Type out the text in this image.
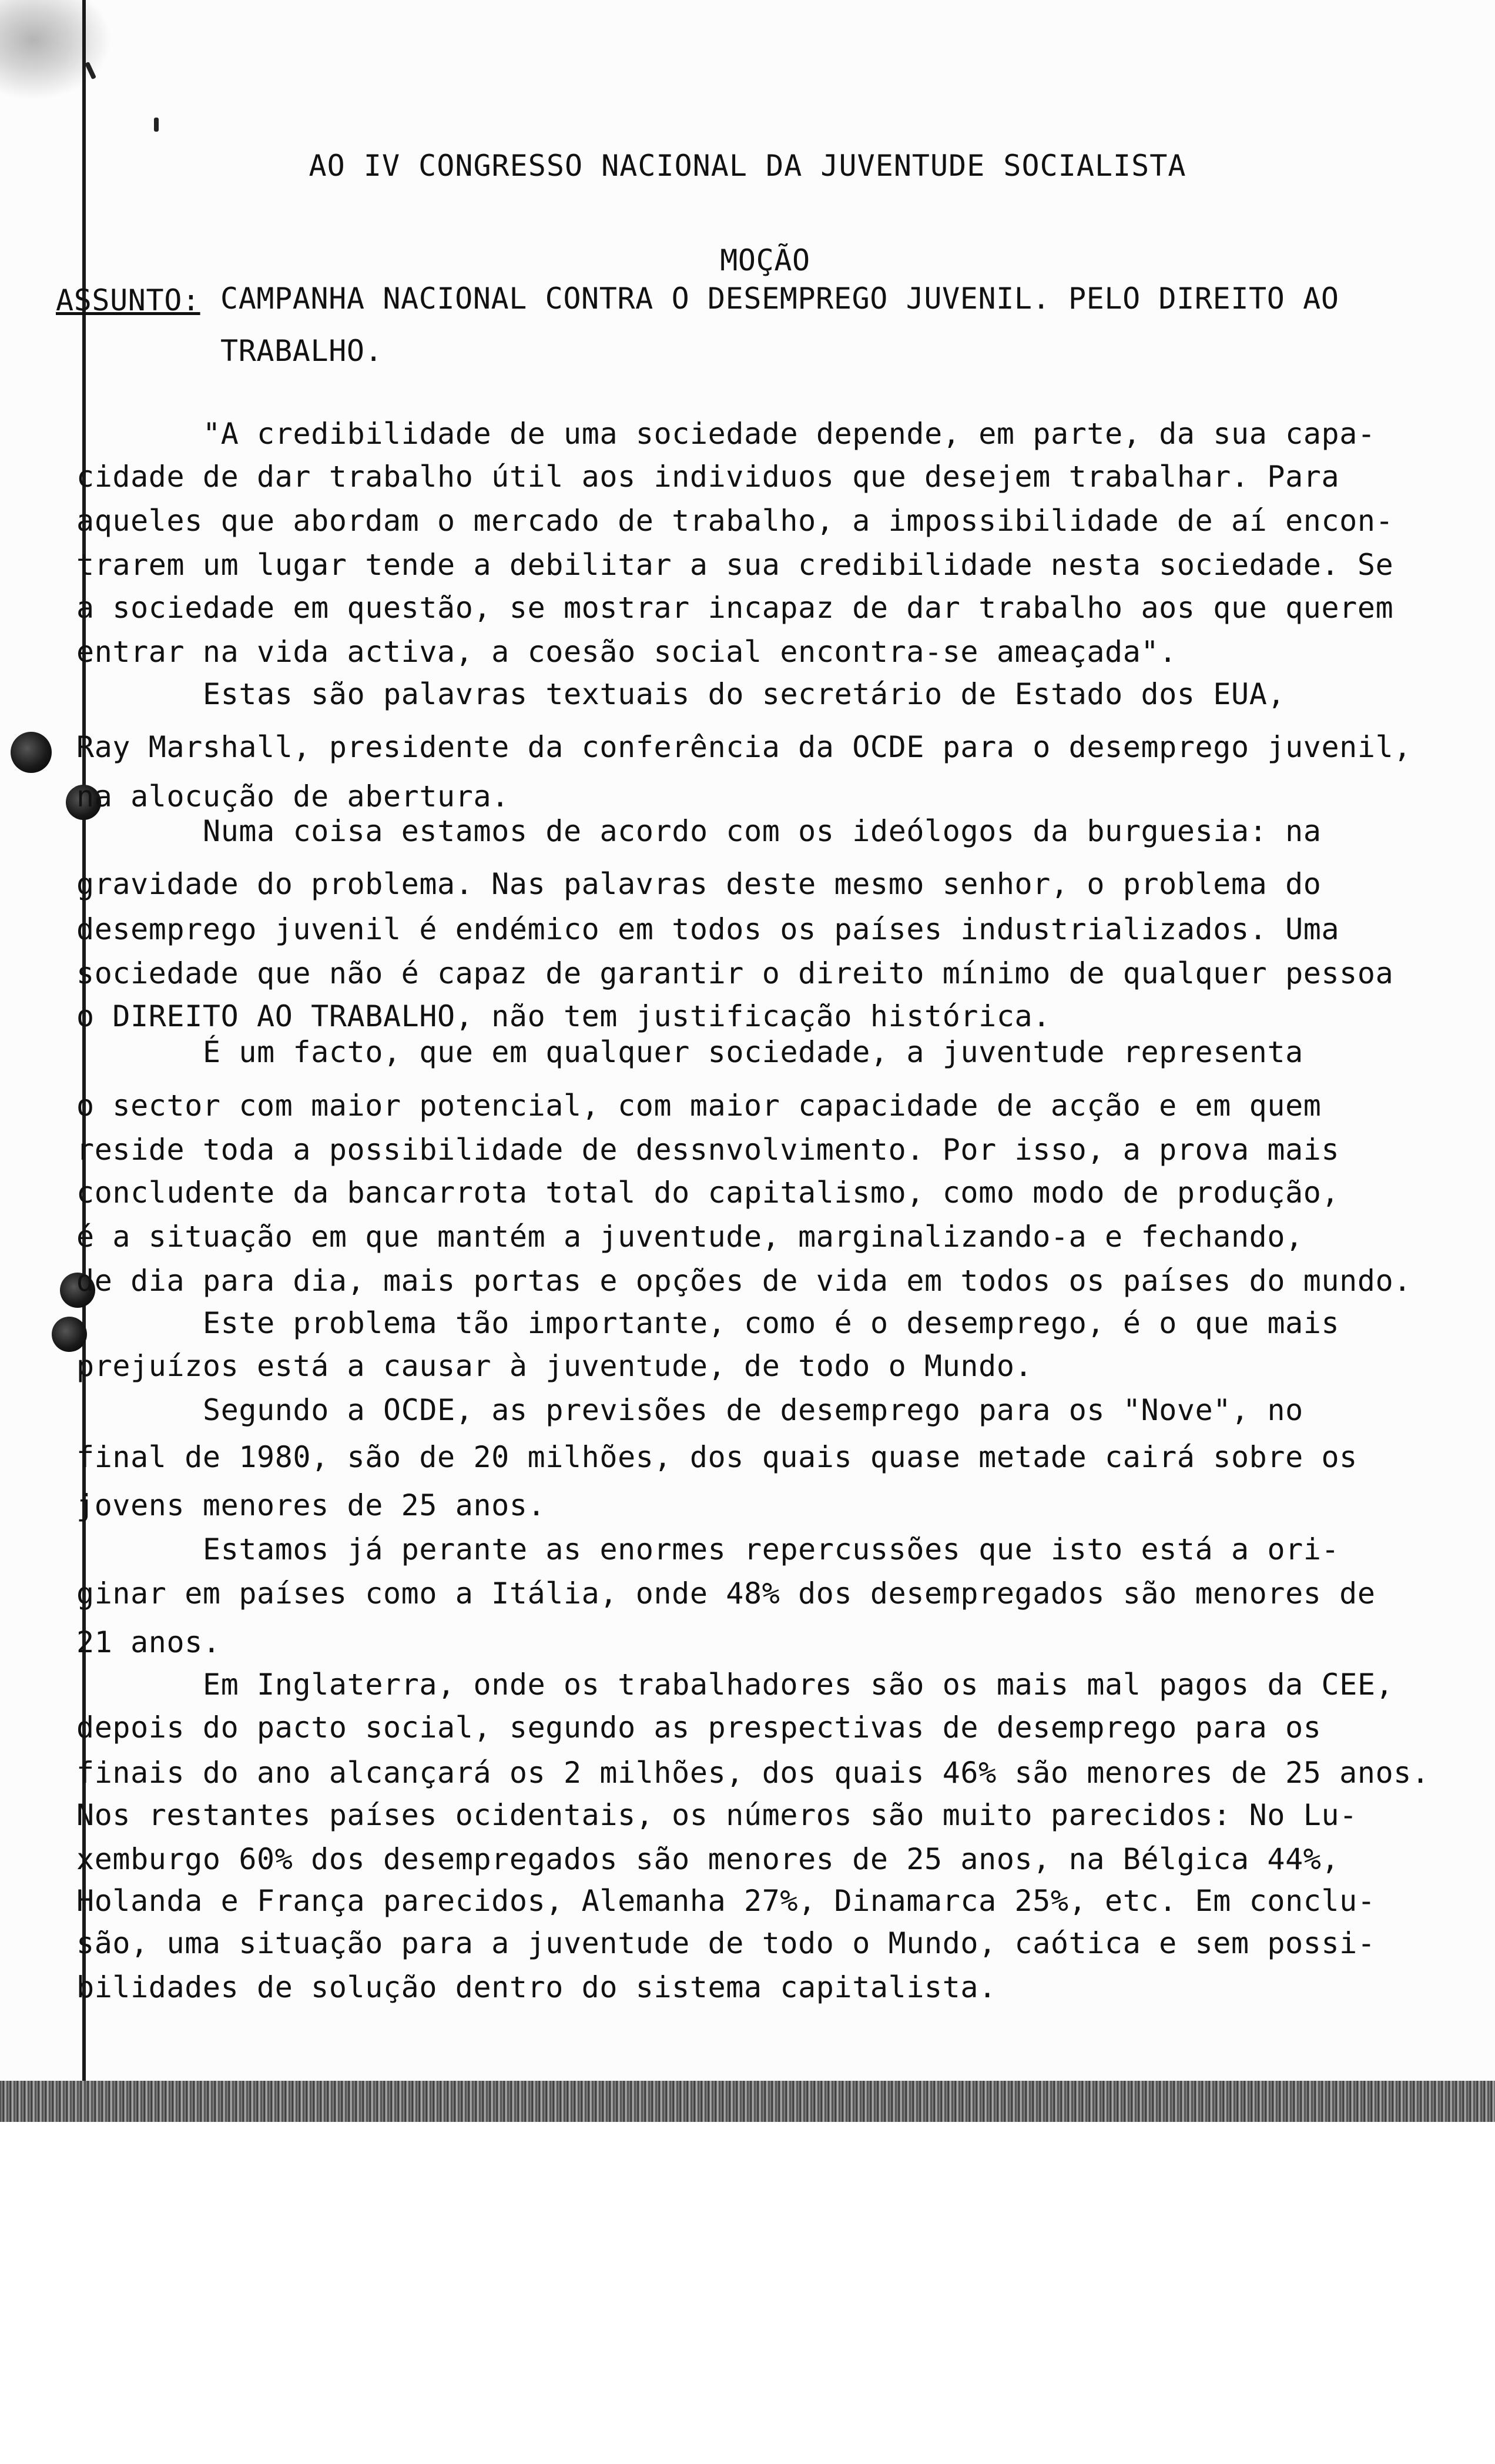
AO IV CONGRESSO NACIONAL DA JUVENTUDE SOCIALISTA
MOÇÃO
ASSUNTO: CAMPANHA NACIONAL CONTRA O DESEMPREGO JUVENIL. PELO DIREITO AO
TRABALHO.
"A credibilidade de uma sociedade depende, em parte, da sua capa-
cidade de dar trabalho útil aos individuos que desejem trabalhar. Para
aqueles que abordam o mercado de trabalho, a impossibilidade de aí encon-
trarem um lugar tende a debilitar a sua credibilidade nesta sociedade. Se
a sociedade em questão, se mostrar incapaz de dar trabalho aos que querem
entrar na vida activa, a coesão social encontra-se ameaçada".
Estas são palavras textuais do secretário de Estado dos EUA,
Ray Marshall, presidente da conferência da OCDE para o desemprego juvenil,
na alocução de abertura.
Numa coisa estamos de acordo com os ideólogos da burguesia: na
gravidade do problema. Nas palavras deste mesmo senhor, o problema do
desemprego juvenil é endémico em todos os países industrializados. Uma
sociedade que não é capaz de garantir o direito mínimo de qualquer pessoa
o DIREITO AO TRABALHO, não tem justificação histórica.
É um facto, que em qualquer sociedade, a juventude representa
o sector com maior potencial, com maior capacidade de acção e em quem
reside toda a possibilidade de dessnvolvimento. Por isso, a prova mais
concludente da bancarrota total do capitalismo, como modo de produção,
é a situação em que mantém a juventude, marginalizando-a e fechando,
de dia para dia, mais portas e opções de vida em todos os países do mundo.
Este problema tão importante, como é o desemprego, é o que mais
prejuízos está a causar à juventude, de todo o Mundo.
Segundo a OCDE, as previsões de desemprego para os "Nove", no
final de 1980, são de 20 milhões, dos quais quase metade cairá sobre os
jovens menores de 25 anos.
Estamos já perante as enormes repercussões que isto está a ori-
ginar em países como a Itália, onde 48% dos desempregados são menores de
21 anos.
Em Inglaterra, onde os trabalhadores são os mais mal pagos da CEE,
depois do pacto social, segundo as prespectivas de desemprego para os
finais do ano alcançará os 2 milhões, dos quais 46% são menores de 25 anos.
Nos restantes países ocidentais, os números são muito parecidos: No Lu-
xemburgo 60% dos desempregados são menores de 25 anos, na Bélgica 44%,
Holanda e França parecidos, Alemanha 27%, Dinamarca 25%, etc. Em conclu-
são, uma situação para a juventude de todo o Mundo, caótica e sem possi-
bilidades de solução dentro do sistema capitalista.
